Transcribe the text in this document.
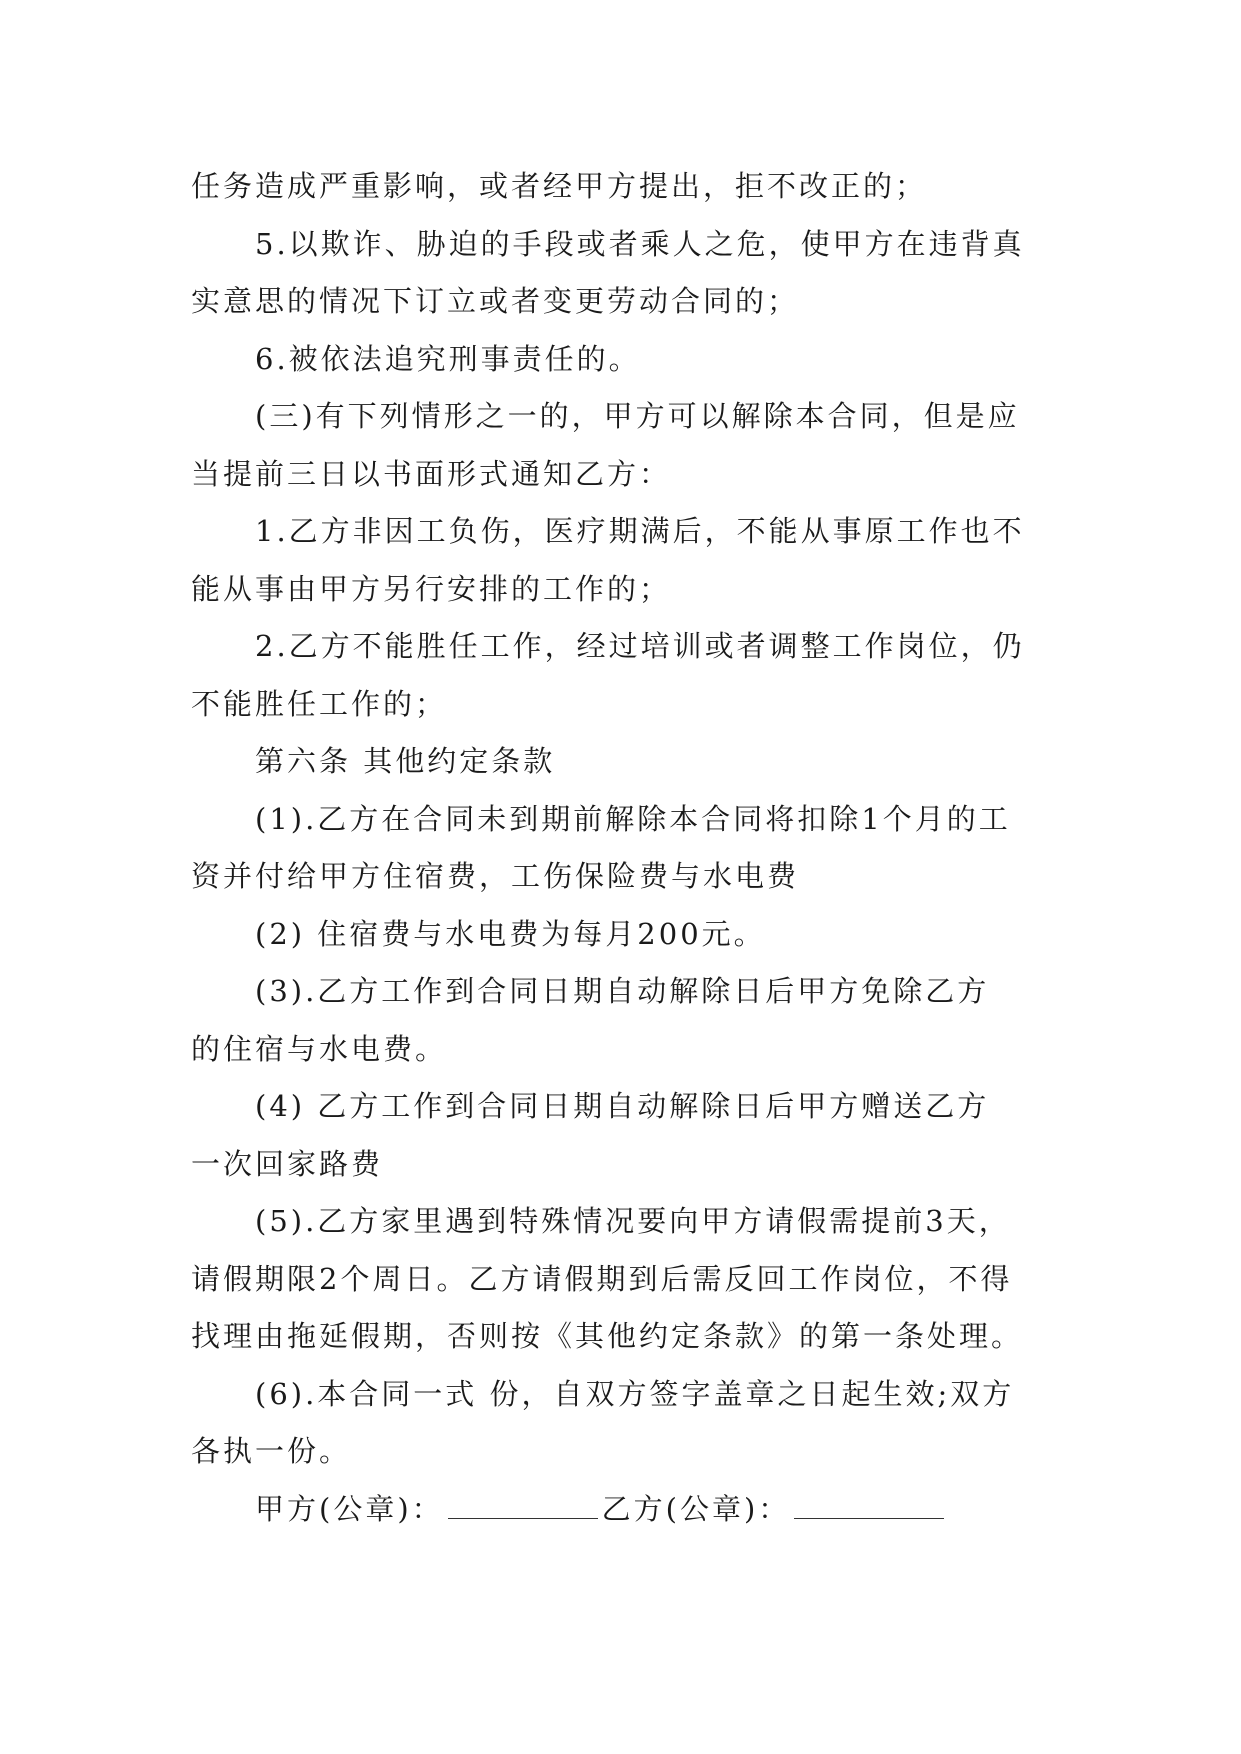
任务造成严重影响，或者经甲方提出，拒不改正的；
5.以欺诈、胁迫的手段或者乘人之危，使甲方在违背真
实意思的情况下订立或者变更劳动合同的；
6.被依法追究刑事责任的。
(三)有下列情形之一的，甲方可以解除本合同，但是应
当提前三日以书面形式通知乙方：
1.乙方非因工负伤，医疗期满后，不能从事原工作也不
能从事由甲方另行安排的工作的；
2.乙方不能胜任工作，经过培训或者调整工作岗位，仍
不能胜任工作的；
第六条 其他约定条款
(1).乙方在合同未到期前解除本合同将扣除1个月的工
资并付给甲方住宿费，工伤保险费与水电费
(2) 住宿费与水电费为每月200元。
(3).乙方工作到合同日期自动解除日后甲方免除乙方
的住宿与水电费。
(4) 乙方工作到合同日期自动解除日后甲方赠送乙方
一次回家路费
(5).乙方家里遇到特殊情况要向甲方请假需提前3天，
请假期限2个周日。乙方请假期到后需反回工作岗位，不得
找理由拖延假期，否则按《其他约定条款》的第一条处理。
(6).本合同一式 份，自双方签字盖章之日起生效;双方
各执一份。
甲方(公章)：	乙方(公章)：
